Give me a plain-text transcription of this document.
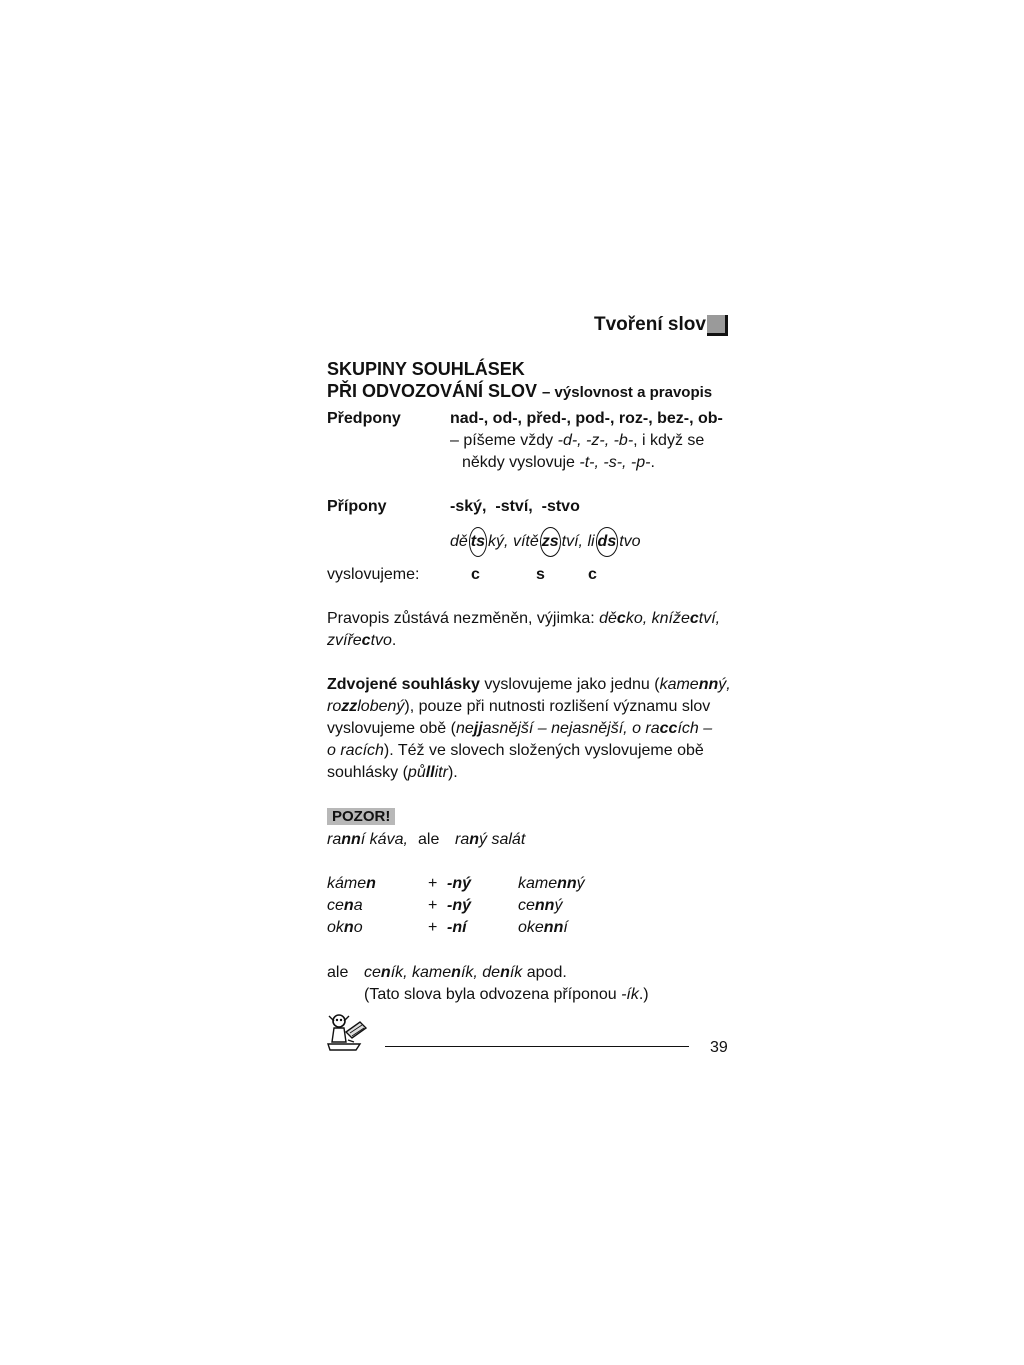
Tvoření slov
SKUPINY SOUHLÁSEK
PŘI ODVOZOVÁNÍ SLOV – výslovnost a pravopis
Předpony	nad-, od-, před-, pod-, roz-, bez-, ob-
– píšeme vždy -d-, -z-, -b-, i když se
někdy vyslovuje -t-, -s-, -p-.
Přípony	-ský,  -ství,  -stvo
dě ts ký, vítě zs tví, li ds tvo
vyslovujeme:	c	s	c
Pravopis zůstává nezměněn, výjimka: děcko, knížectví,
zvířectvo.
Zdvojené souhlásky vyslovujeme jako jednu (kamenný,
rozzlobený), pouze při nutnosti rozlišení významu slov
vyslovujeme obě (nejjasnější – nejasnější, o raccích –
o racích). Též ve slovech složených vyslovujeme obě
souhlásky (půllitr).
POZOR!
ranní káva, ale raný salát
kámen	+ -ný	kamenný
cena	+ -ný	cenný
okno	+ -ní	okenní
ale ceník, kameník, deník apod.
(Tato slova byla odvozena příponou -ík.)
39
